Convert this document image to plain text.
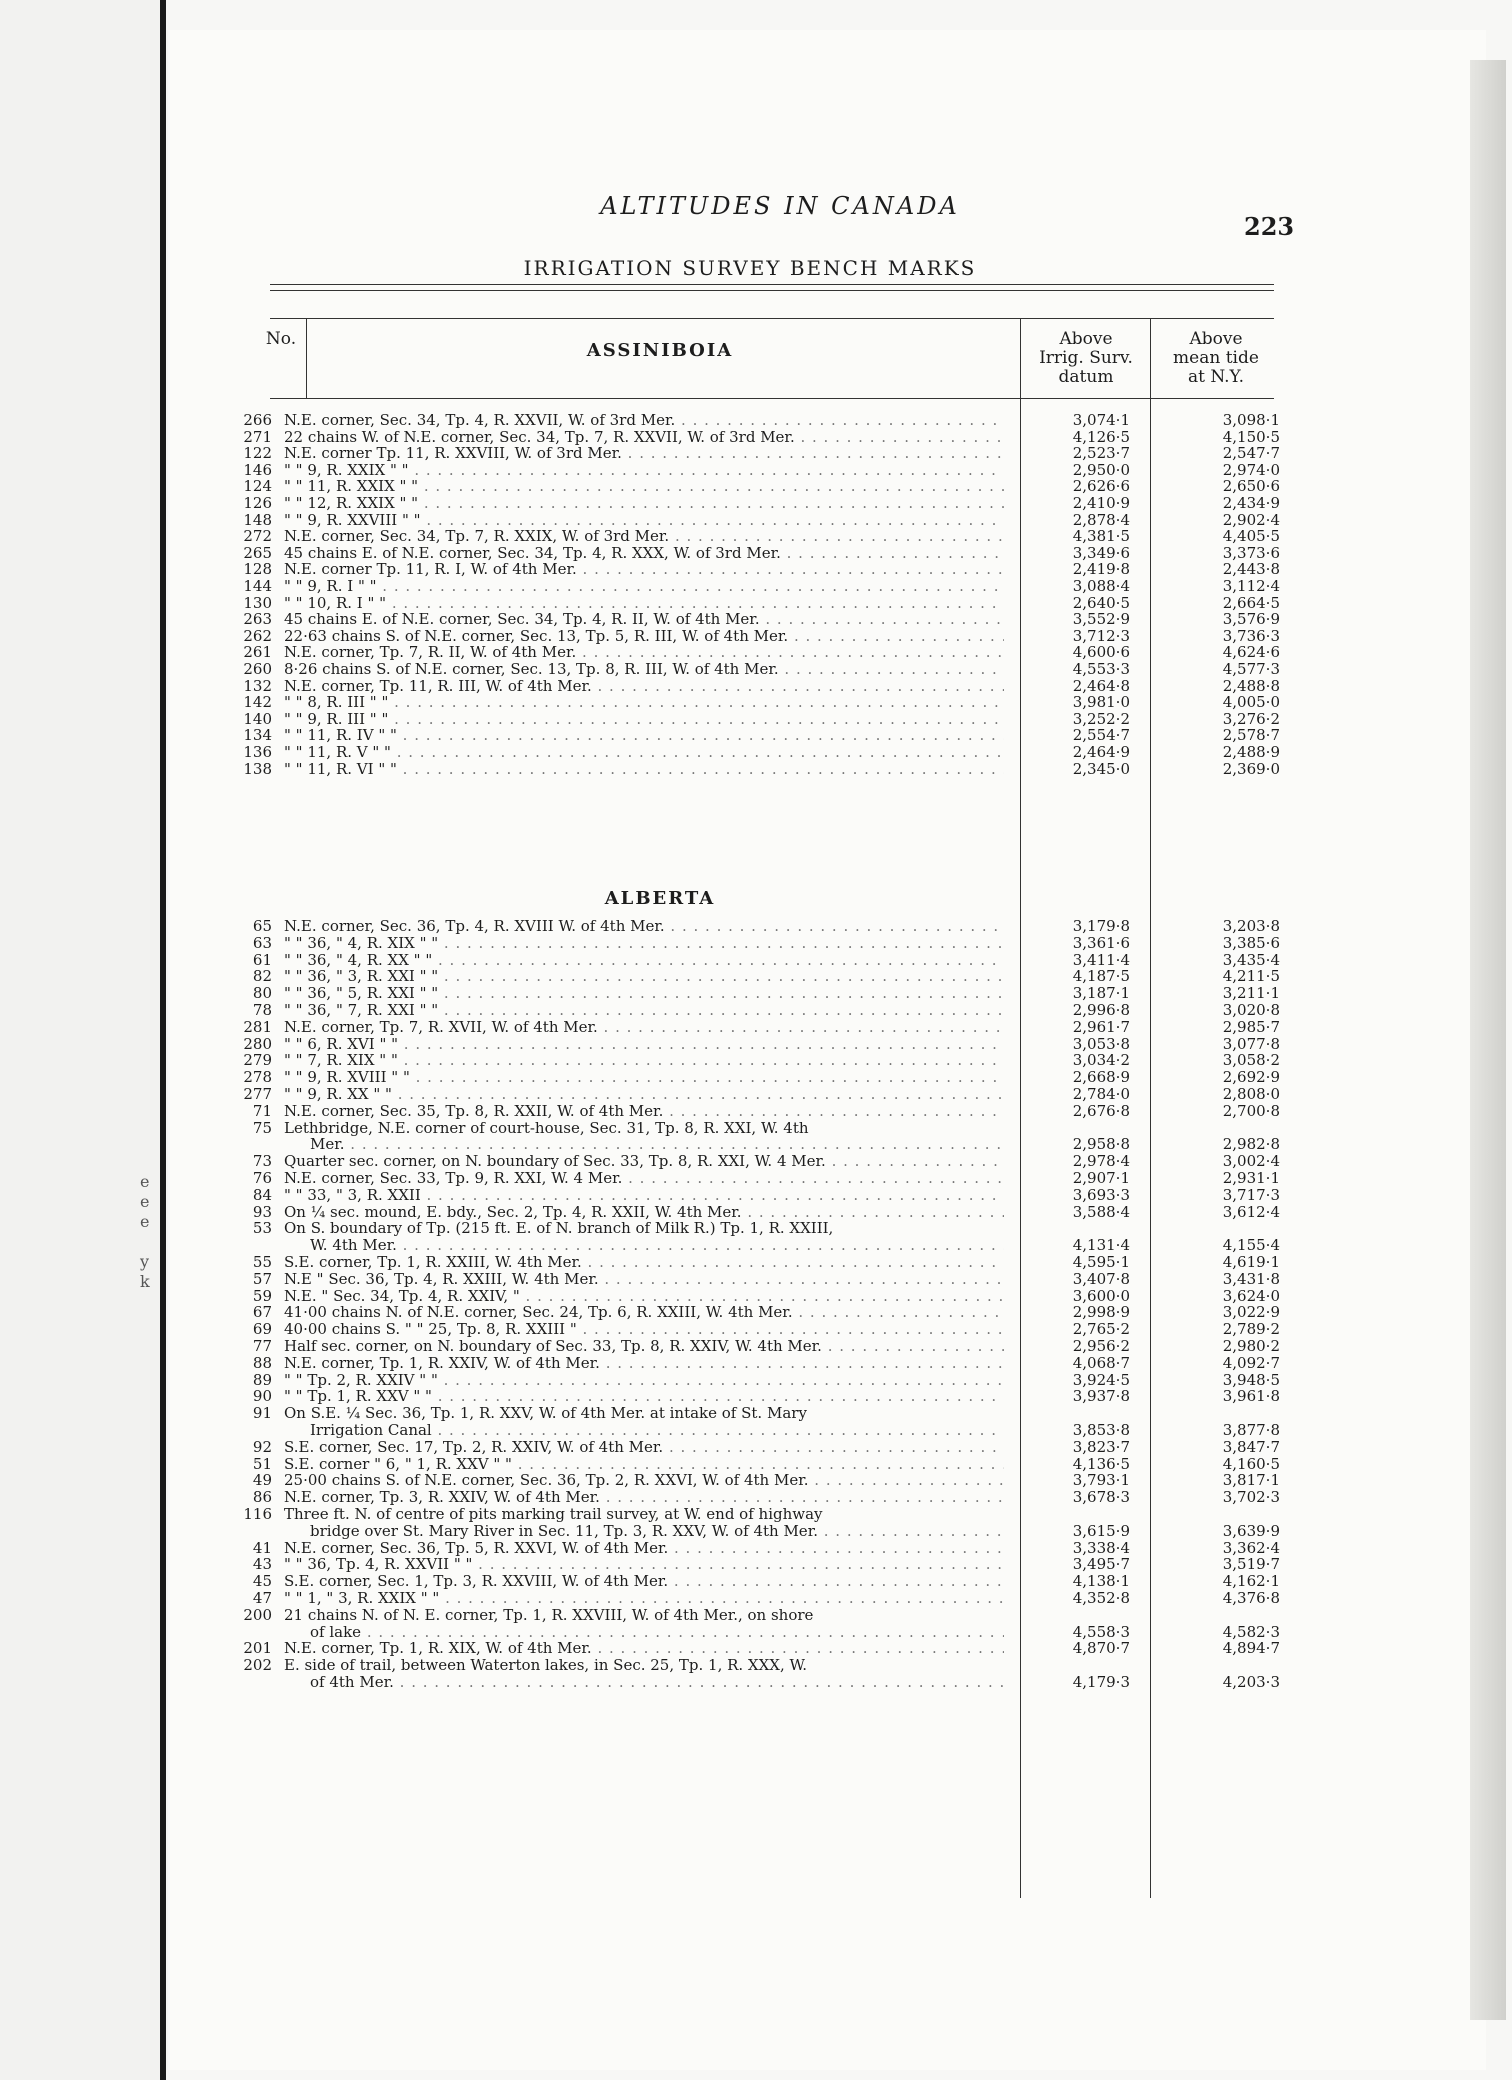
e
e
e
y
k
ALTITUDES IN CANADA
223
IRRIGATION SURVEY BENCH MARKS
No.	Above
Irrig. Surv.
datum
Above
mean tide
at N.Y.
ASSINIBOIA
ALBERTA
266 N.E. corner, Sec. 34, Tp. 4, R. XXVII, W. of 3rd Mer. . . .	3,074·1	3,098·1
271 22 chains W. of N.E. corner, Sec. 34, Tp. 7, R. XXVII, W. of 3rd Mer. . . .	4,126·5	4,150·5
122 N.E. corner Tp. 11, R. XXVIII, W. of 3rd Mer. . . .	2,523·7	2,547·7
146 " " 9, R. XXIX " " . . .	2,950·0	2,974·0
124 " " 11, R. XXIX " " . . .	2,626·6	2,650·6
126 " " 12, R. XXIX " " . . .	2,410·9	2,434·9
148 " " 9, R. XXVIII " " . . .	2,878·4	2,902·4
272 N.E. corner, Sec. 34, Tp. 7, R. XXIX, W. of 3rd Mer. . . .	4,381·5	4,405·5
265 45 chains E. of N.E. corner, Sec. 34, Tp. 4, R. XXX, W. of 3rd Mer. . . .	3,349·6	3,373·6
128 N.E. corner Tp. 11, R. I, W. of 4th Mer. . . .	2,419·8	2,443·8
144 " " 9, R. I " " . . .	3,088·4	3,112·4
130 " " 10, R. I " " . . .	2,640·5	2,664·5
263 45 chains E. of N.E. corner, Sec. 34, Tp. 4, R. II, W. of 4th Mer. . . .	3,552·9	3,576·9
262 22·63 chains S. of N.E. corner, Sec. 13, Tp. 5, R. III, W. of 4th Mer. . . .	3,712·3	3,736·3
261 N.E. corner, Tp. 7, R. II, W. of 4th Mer. . . .	4,600·6	4,624·6
260 8·26 chains S. of N.E. corner, Sec. 13, Tp. 8, R. III, W. of 4th Mer. . . .	4,553·3	4,577·3
132 N.E. corner, Tp. 11, R. III, W. of 4th Mer. . . .	2,464·8	2,488·8
142 " " 8, R. III " " . . .	3,981·0	4,005·0
140 " " 9, R. III " " . . .	3,252·2	3,276·2
134 " " 11, R. IV " " . . .	2,554·7	2,578·7
136 " " 11, R. V " " . . .	2,464·9	2,488·9
138 " " 11, R. VI " " . . .	2,345·0	2,369·0
65 N.E. corner, Sec. 36, Tp. 4, R. XVIII W. of 4th Mer. . . .	3,179·8	3,203·8
63 " " 36, " 4, R. XIX " " . . .	3,361·6	3,385·6
61 " " 36, " 4, R. XX " " . . .	3,411·4	3,435·4
82 " " 36, " 3, R. XXI " " . . .	4,187·5	4,211·5
80 " " 36, " 5, R. XXI " " . . .	3,187·1	3,211·1
78 " " 36, " 7, R. XXI " " . . .	2,996·8	3,020·8
281 N.E. corner, Tp. 7, R. XVII, W. of 4th Mer. . . .	2,961·7	2,985·7
280 " " 6, R. XVI " " . . .	3,053·8	3,077·8
279 " " 7, R. XIX " " . . .	3,034·2	3,058·2
278 " " 9, R. XVIII " " . . .	2,668·9	2,692·9
277 " " 9, R. XX " " . . .	2,784·0	2,808·0
71 N.E. corner, Sec. 35, Tp. 8, R. XXII, W. of 4th Mer. . . .	2,676·8	2,700·8
75 Lethbridge, N.E. corner of court-house, Sec. 31, Tp. 8, R. XXI, W. 4th
Mer. . . .	2,958·8	2,982·8
73 Quarter sec. corner, on N. boundary of Sec. 33, Tp. 8, R. XXI, W. 4 Mer. . . .	2,978·4	3,002·4
76 N.E. corner, Sec. 33, Tp. 9, R. XXI, W. 4 Mer. . . .	2,907·1	2,931·1
84 " " 33, " 3, R. XXII . . .	3,693·3	3,717·3
93 On ¼ sec. mound, E. bdy., Sec. 2, Tp. 4, R. XXII, W. 4th Mer. . . .	3,588·4	3,612·4
53 On S. boundary of Tp. (215 ft. E. of N. branch of Milk R.) Tp. 1, R. XXIII,
W. 4th Mer. . . .	4,131·4	4,155·4
55 S.E. corner, Tp. 1, R. XXIII, W. 4th Mer. . . .	4,595·1	4,619·1
57 N.E " Sec. 36, Tp. 4, R. XXIII, W. 4th Mer. . . .	3,407·8	3,431·8
59 N.E. " Sec. 34, Tp. 4, R. XXIV, " . . .	3,600·0	3,624·0
67 41·00 chains N. of N.E. corner, Sec. 24, Tp. 6, R. XXIII, W. 4th Mer. . . .	2,998·9	3,022·9
69 40·00 chains S. " " 25, Tp. 8, R. XXIII " . . .	2,765·2	2,789·2
77 Half sec. corner, on N. boundary of Sec. 33, Tp. 8, R. XXIV, W. 4th Mer. . . .	2,956·2	2,980·2
88 N.E. corner, Tp. 1, R. XXIV, W. of 4th Mer. . . .	4,068·7	4,092·7
89 " " Tp. 2, R. XXIV " " . . .	3,924·5	3,948·5
90 " " Tp. 1, R. XXV " " . . .	3,937·8	3,961·8
91 On S.E. ¼ Sec. 36, Tp. 1, R. XXV, W. of 4th Mer. at intake of St. Mary
Irrigation Canal . . .	3,853·8	3,877·8
92 S.E. corner, Sec. 17, Tp. 2, R. XXIV, W. of 4th Mer. . . .	3,823·7	3,847·7
51 S.E. corner " 6, " 1, R. XXV " " . . .	4,136·5	4,160·5
49 25·00 chains S. of N.E. corner, Sec. 36, Tp. 2, R. XXVI, W. of 4th Mer. . . .	3,793·1	3,817·1
86 N.E. corner, Tp. 3, R. XXIV, W. of 4th Mer. . . .	3,678·3	3,702·3
116 Three ft. N. of centre of pits marking trail survey, at W. end of highway
bridge over St. Mary River in Sec. 11, Tp. 3, R. XXV, W. of 4th Mer. . . .	3,615·9	3,639·9
41 N.E. corner, Sec. 36, Tp. 5, R. XXVI, W. of 4th Mer. . . .	3,338·4	3,362·4
43 " " 36, Tp. 4, R. XXVII " " . . .	3,495·7	3,519·7
45 S.E. corner, Sec. 1, Tp. 3, R. XXVIII, W. of 4th Mer. . . .	4,138·1	4,162·1
47 " " 1, " 3, R. XXIX " " . . .	4,352·8	4,376·8
200 21 chains N. of N. E. corner, Tp. 1, R. XXVIII, W. of 4th Mer., on shore
of lake . . .	4,558·3	4,582·3
201 N.E. corner, Tp. 1, R. XIX, W. of 4th Mer. . . .	4,870·7	4,894·7
202 E. side of trail, between Waterton lakes, in Sec. 25, Tp. 1, R. XXX, W.
of 4th Mer. . . .	4,179·3	4,203·3
